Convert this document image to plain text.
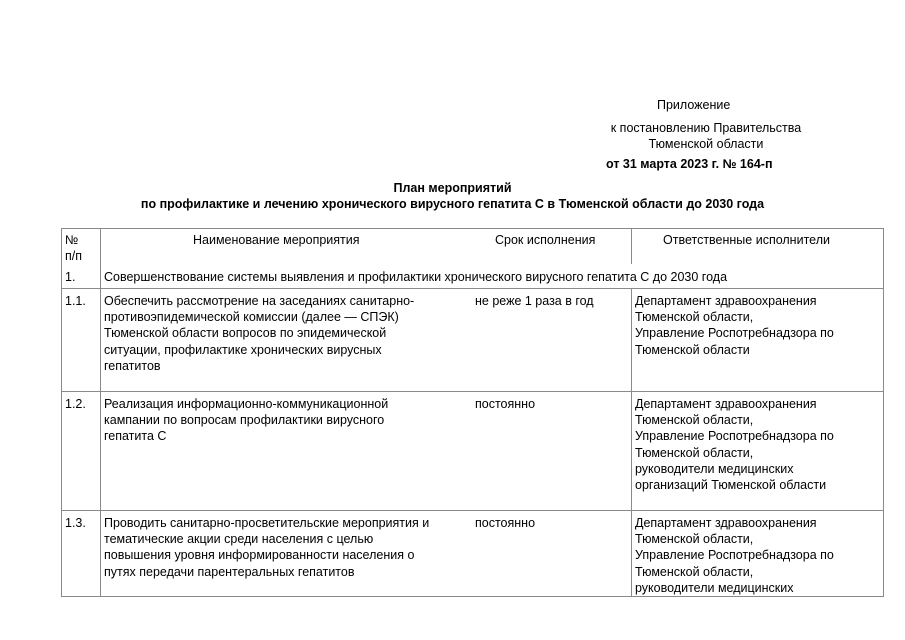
Приложение
к постановлению Правительства
Тюменской области
от 31 марта 2023 г. № 164-п
План мероприятий
по профилактике и лечению хронического вирусного гепатита С в Тюменской области до 2030 года
№
п/п
Наименование мероприятия	Срок исполнения	Ответственные исполнители
1. Совершенствование системы выявления и профилактики хронического вирусного гепатита С до 2030 года
1.1. Обеспечить рассмотрение на заседаниях санитарно-
противоэпидемической комиссии (далее — СПЭК)
Тюменской области вопросов по эпидемической
ситуации, профилактике хронических вирусных
гепатитов
не реже 1 раза в год	Департамент здравоохранения
Тюменской области,
Управление Роспотребнадзора по
Тюменской области
1.2. Реализация информационно-коммуникационной
кампании по вопросам профилактики вирусного
гепатита С
постоянно	Департамент здравоохранения
Тюменской области,
Управление Роспотребнадзора по
Тюменской области,
руководители медицинских
организаций Тюменской области
1.3. Проводить санитарно-просветительские мероприятия и
тематические акции среди населения с целью
повышения уровня информированности населения о
путях передачи парентеральных гепатитов
постоянно	Департамент здравоохранения
Тюменской области,
Управление Роспотребнадзора по
Тюменской области,
руководители медицинских
